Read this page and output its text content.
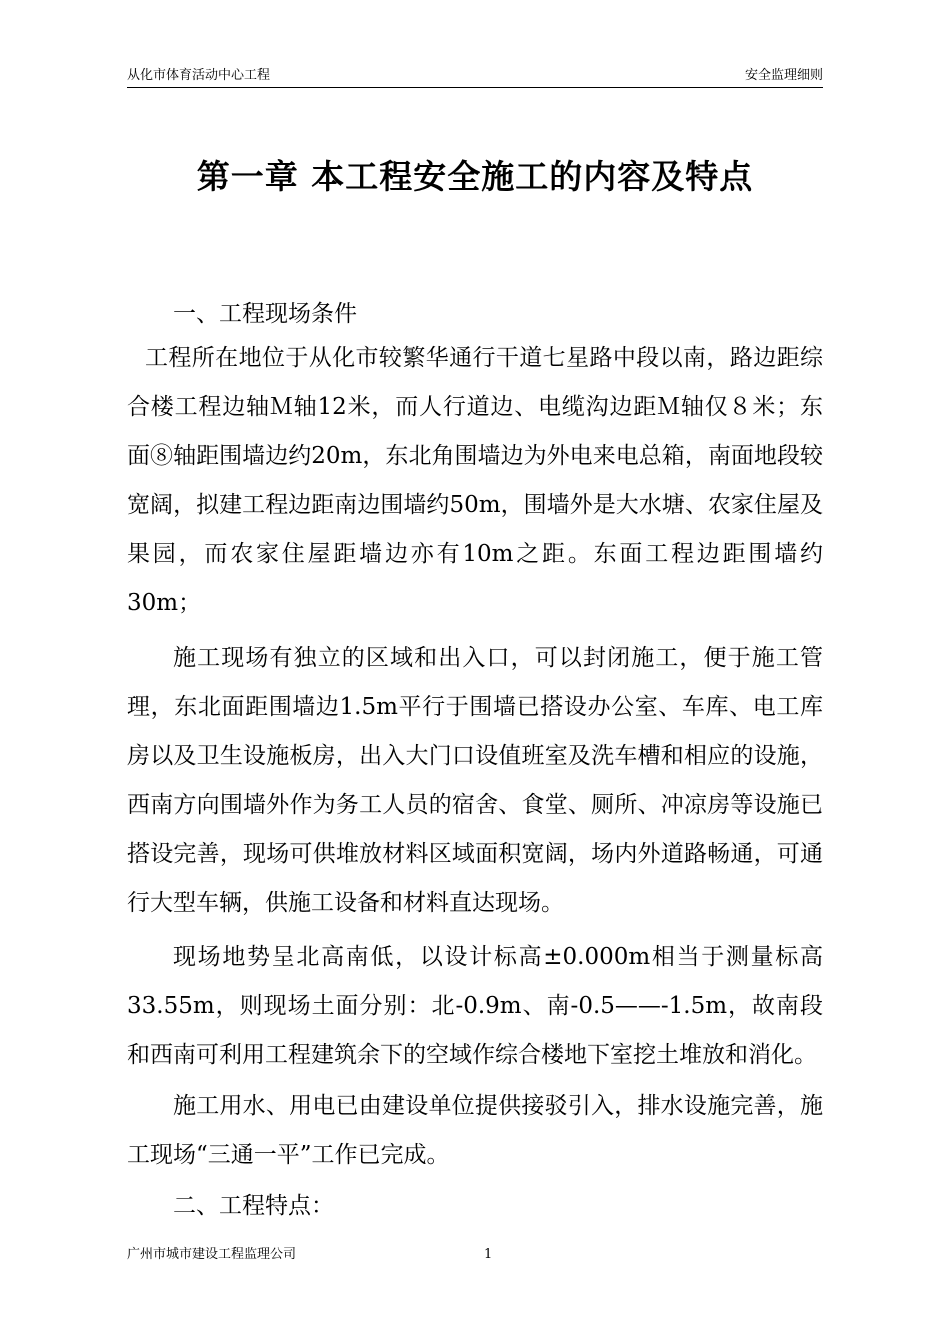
从化市体育活动中心工程	安全监理细则
第一章 本工程安全施工的内容及特点
一、工程现场条件
工程所在地位于从化市较繁华通行干道七星路中段以南，路边距综合楼工程边轴Ｍ轴12米，而人行道边、电缆沟边距Ｍ轴仅８米；东面⑧轴距围墙边约20m，东北角围墙边为外电来电总箱，南面地段较宽阔，拟建工程边距南边围墙约50m，围墙外是大水塘、农家住屋及果园，而农家住屋距墙边亦有10m之距。东面工程边距围墙约30m；
施工现场有独立的区域和出入口，可以封闭施工，便于施工管理，东北面距围墙边1.5m平行于围墙已搭设办公室、车库、电工库房以及卫生设施板房，出入大门口设值班室及洗车槽和相应的设施，西南方向围墙外作为务工人员的宿舍、食堂、厕所、冲凉房等设施已搭设完善，现场可供堆放材料区域面积宽阔，场内外道路畅通，可通行大型车辆，供施工设备和材料直达现场。
现场地势呈北高南低，以设计标高±0.000m相当于测量标高33.55m，则现场土面分别：北-0.9m、南-0.5——-1.5m，故南段和西南可利用工程建筑余下的空域作综合楼地下室挖土堆放和消化。
施工用水、用电已由建设单位提供接驳引入，排水设施完善，施工现场“三通一平”工作已完成。
二、工程特点：
广州市城市建设工程监理公司	1
